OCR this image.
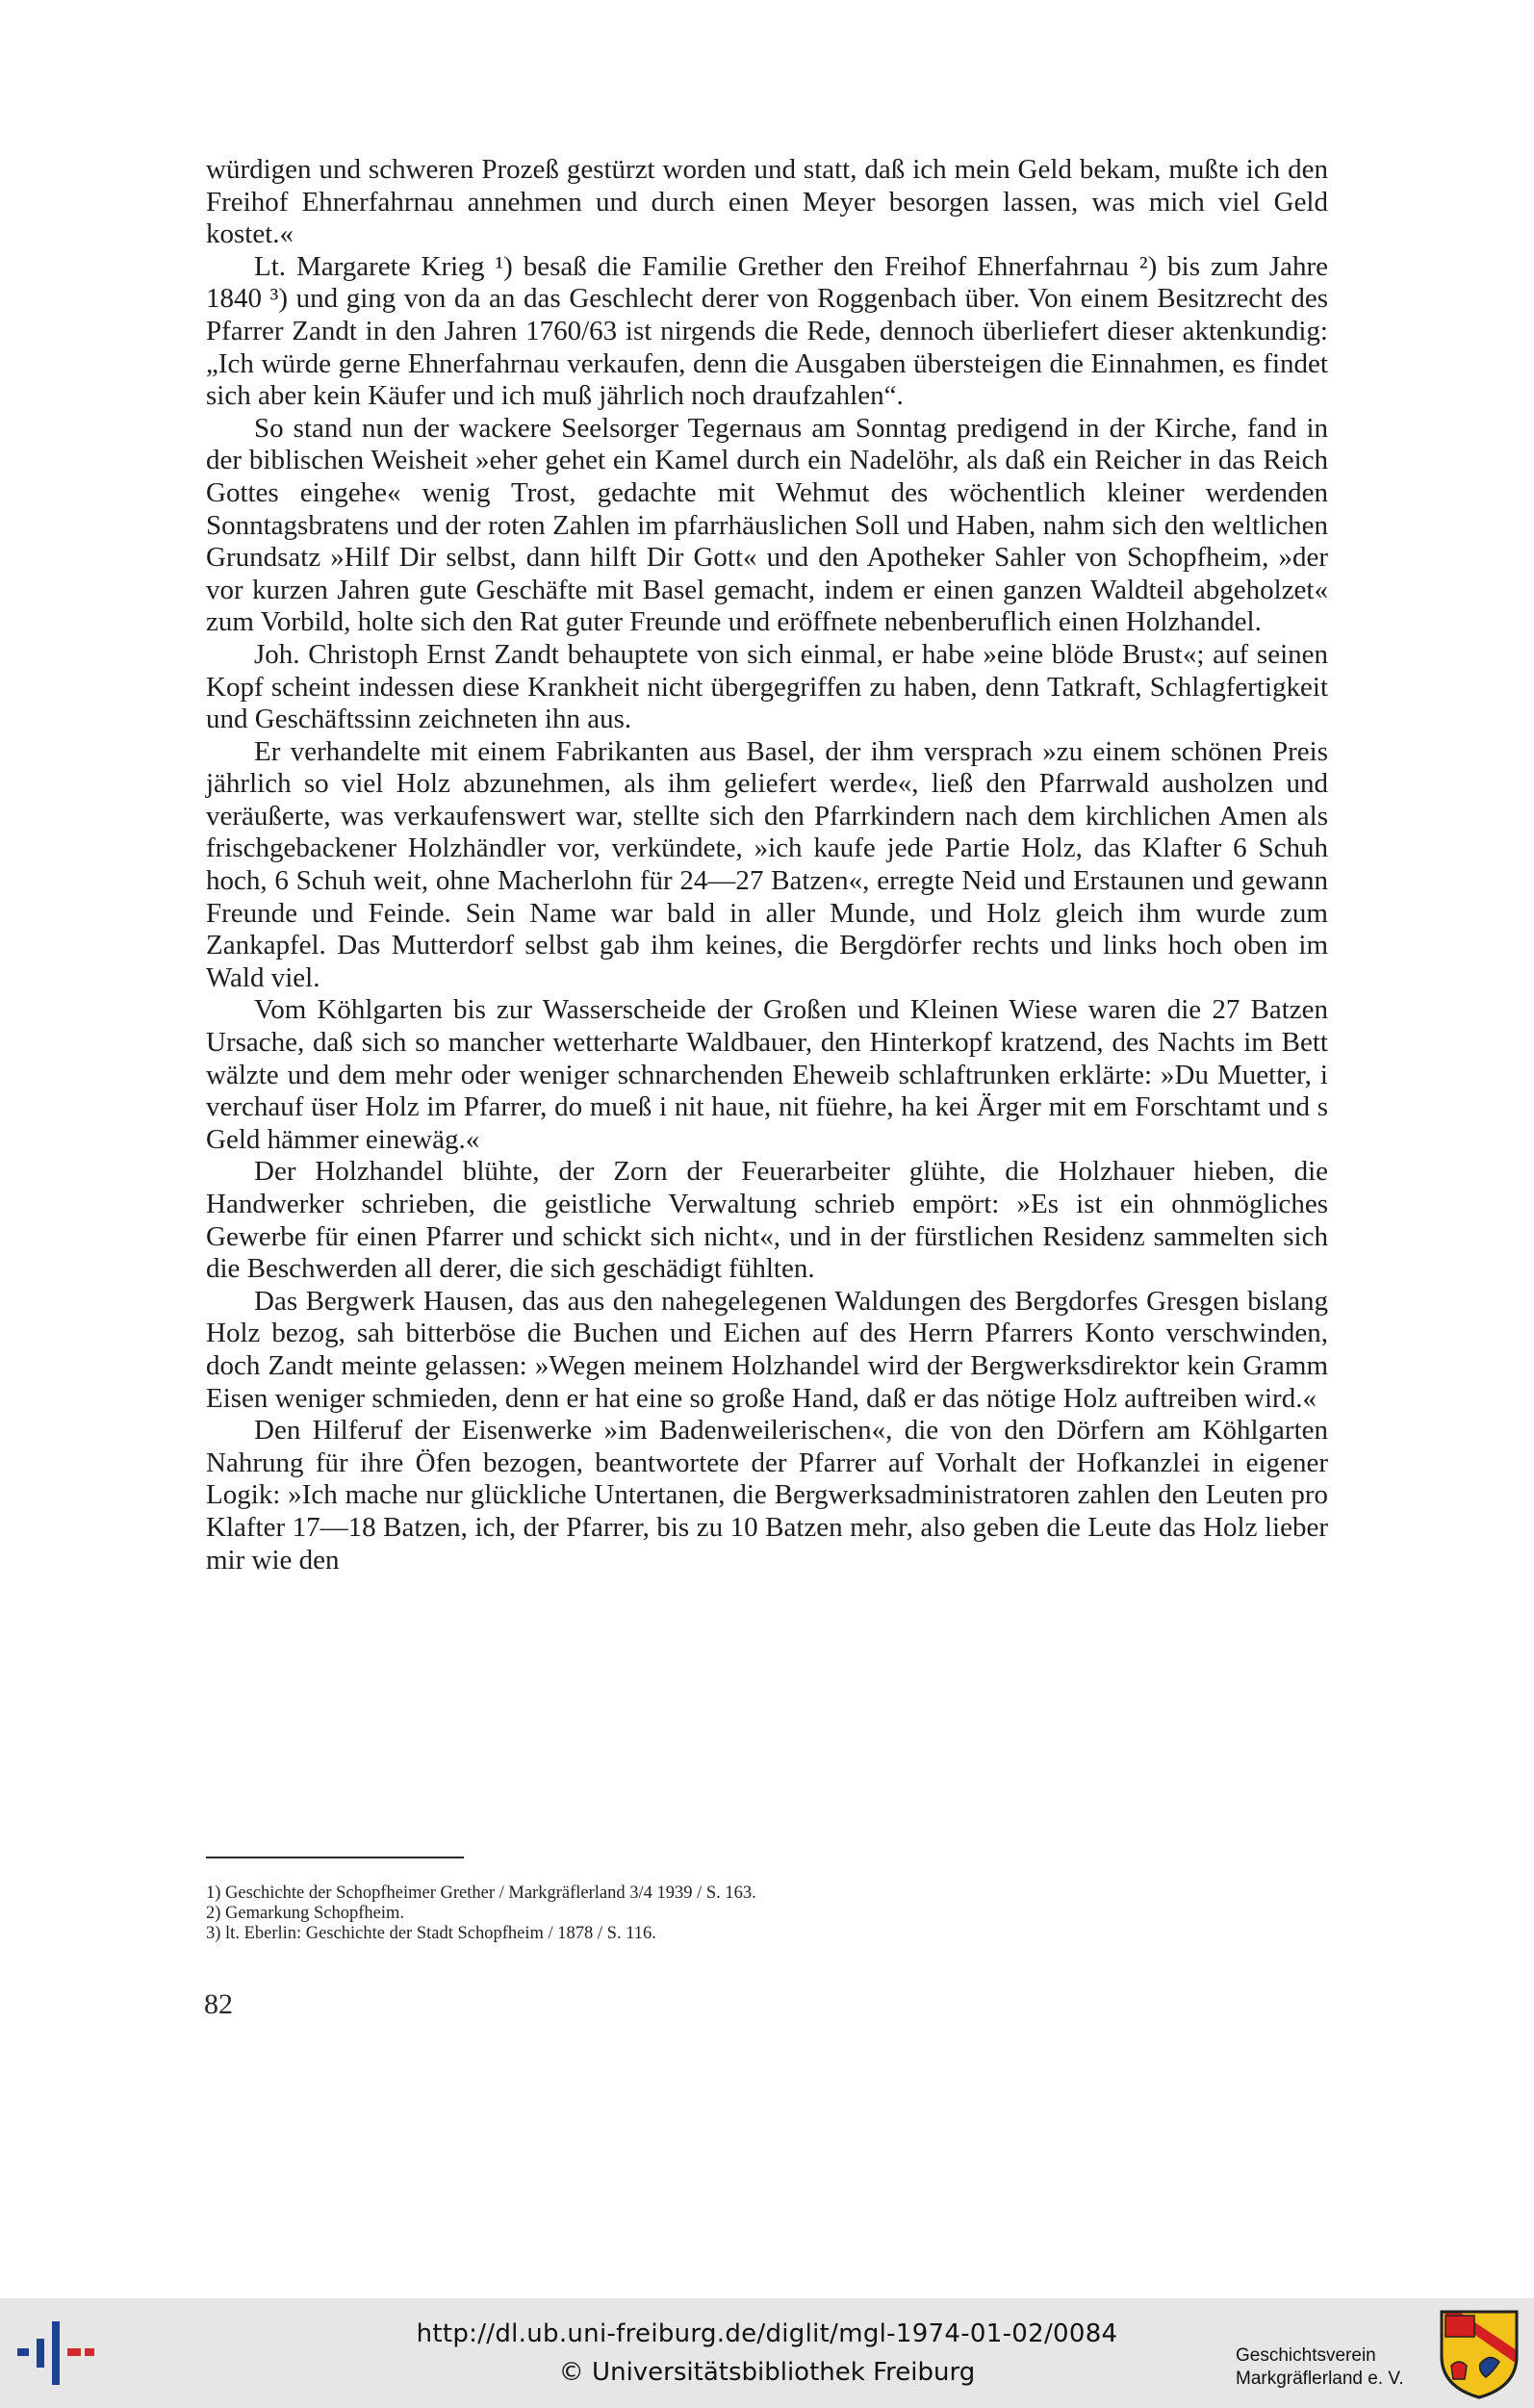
würdigen und schweren Prozeß gestürzt worden und statt, daß ich mein Geld bekam, mußte ich den Freihof Ehnerfahrnau annehmen und durch einen Meyer besorgen lassen, was mich viel Geld kostet.«

Lt. Margarete Krieg ¹) besaß die Familie Grether den Freihof Ehnerfahrnau ²) bis zum Jahre 1840 ³) und ging von da an das Geschlecht derer von Roggenbach über. Von einem Besitzrecht des Pfarrer Zandt in den Jahren 1760/63 ist nirgends die Rede, dennoch überliefert dieser aktenkundig: „Ich würde gerne Ehnerfahrnau verkaufen, denn die Ausgaben übersteigen die Einnahmen, es findet sich aber kein Käufer und ich muß jährlich noch draufzahlen“.

So stand nun der wackere Seelsorger Tegernaus am Sonntag predigend in der Kirche, fand in der biblischen Weisheit »eher gehet ein Kamel durch ein Nadelöhr, als daß ein Reicher in das Reich Gottes eingehe« wenig Trost, gedachte mit Wehmut des wöchentlich kleiner werdenden Sonntagsbratens und der roten Zahlen im pfarrhäuslichen Soll und Haben, nahm sich den weltlichen Grundsatz »Hilf Dir selbst, dann hilft Dir Gott« und den Apotheker Sahler von Schopfheim, »der vor kurzen Jahren gute Geschäfte mit Basel gemacht, indem er einen ganzen Waldteil abgeholzet« zum Vorbild, holte sich den Rat guter Freunde und eröffnete nebenberuflich einen Holzhandel.

Joh. Christoph Ernst Zandt behauptete von sich einmal, er habe »eine blöde Brust«; auf seinen Kopf scheint indessen diese Krankheit nicht übergegriffen zu haben, denn Tatkraft, Schlagfertigkeit und Geschäftssinn zeichneten ihn aus.

Er verhandelte mit einem Fabrikanten aus Basel, der ihm versprach »zu einem schönen Preis jährlich so viel Holz abzunehmen, als ihm geliefert werde«, ließ den Pfarrwald ausholzen und veräußerte, was verkaufenswert war, stellte sich den Pfarrkindern nach dem kirchlichen Amen als frischgebackener Holzhändler vor, verkündete, »ich kaufe jede Partie Holz, das Klafter 6 Schuh hoch, 6 Schuh weit, ohne Macherlohn für 24—27 Batzen«, erregte Neid und Erstaunen und gewann Freunde und Feinde. Sein Name war bald in aller Munde, und Holz gleich ihm wurde zum Zankapfel. Das Mutterdorf selbst gab ihm keines, die Bergdörfer rechts und links hoch oben im Wald viel.

Vom Köhlgarten bis zur Wasserscheide der Großen und Kleinen Wiese waren die 27 Batzen Ursache, daß sich so mancher wetterharte Waldbauer, den Hinterkopf kratzend, des Nachts im Bett wälzte und dem mehr oder weniger schnarchenden Eheweib schlaftrunken erklärte: »Du Muetter, i verchauf üser Holz im Pfarrer, do mueß i nit haue, nit füehre, ha kei Ärger mit em Forschtamt und s Geld hämmer einewäg.«

Der Holzhandel blühte, der Zorn der Feuerarbeiter glühte, die Holzhauer hieben, die Handwerker schrieben, die geistliche Verwaltung schrieb empört: »Es ist ein ohnmögliches Gewerbe für einen Pfarrer und schickt sich nicht«, und in der fürstlichen Residenz sammelten sich die Beschwerden all derer, die sich geschädigt fühlten.

Das Bergwerk Hausen, das aus den nahegelegenen Waldungen des Bergdorfes Gresgen bislang Holz bezog, sah bitterböse die Buchen und Eichen auf des Herrn Pfarrers Konto verschwinden, doch Zandt meinte gelassen: »Wegen meinem Holzhandel wird der Bergwerksdirektor kein Gramm Eisen weniger schmieden, denn er hat eine so große Hand, daß er das nötige Holz auftreiben wird.«

Den Hilferuf der Eisenwerke »im Badenweilerischen«, die von den Dörfern am Köhlgarten Nahrung für ihre Öfen bezogen, beantwortete der Pfarrer auf Vorhalt der Hofkanzlei in eigener Logik: »Ich mache nur glückliche Untertanen, die Bergwerksadministratoren zahlen den Leuten pro Klafter 17—18 Batzen, ich, der Pfarrer, bis zu 10 Batzen mehr, also geben die Leute das Holz lieber mir wie den

1) Geschichte der Schopfheimer Grether / Markgräflerland 3/4 1939 / S. 163.
2) Gemarkung Schopfheim.
3) lt. Eberlin: Geschichte der Stadt Schopfheim / 1878 / S. 116.
82
http://dl.ub.uni-freiburg.de/diglit/mgl-1974-01-02/0084
© Universitätsbibliothek Freiburg
Geschichtsverein
Markgräflerland e. V.
